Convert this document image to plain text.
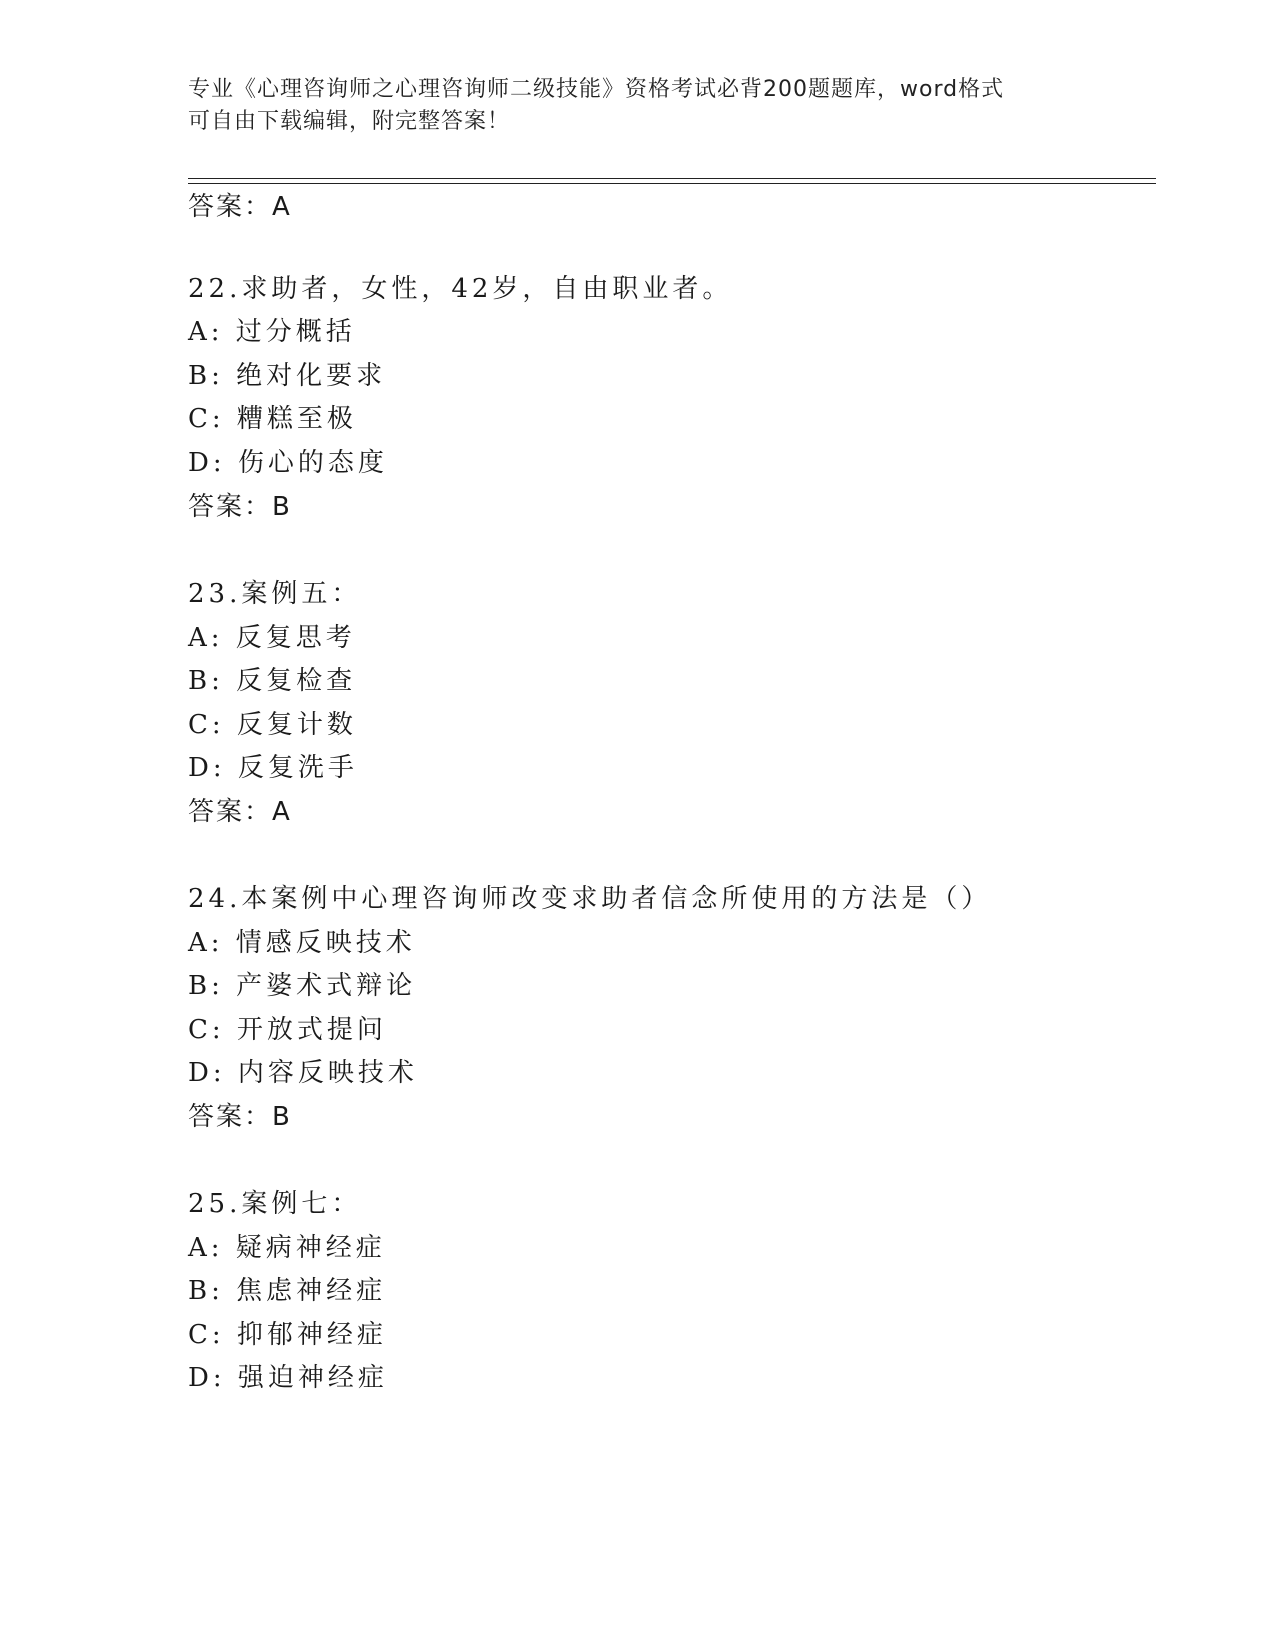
专业《心理咨询师之心理咨询师二级技能》资格考试必背200题题库，word格式
可自由下载编辑，附完整答案！
答案：A
22.求助者，女性，42岁，自由职业者。
A: 过分概括
B: 绝对化要求
C: 糟糕至极
D: 伤心的态度
答案：B
23.案例五：
A: 反复思考
B: 反复检查
C: 反复计数
D: 反复洗手
答案：A
24.本案例中心理咨询师改变求助者信念所使用的方法是（）
A: 情感反映技术
B: 产婆术式辩论
C: 开放式提问
D: 内容反映技术
答案：B
25.案例七：
A: 疑病神经症
B: 焦虑神经症
C: 抑郁神经症
D: 强迫神经症
